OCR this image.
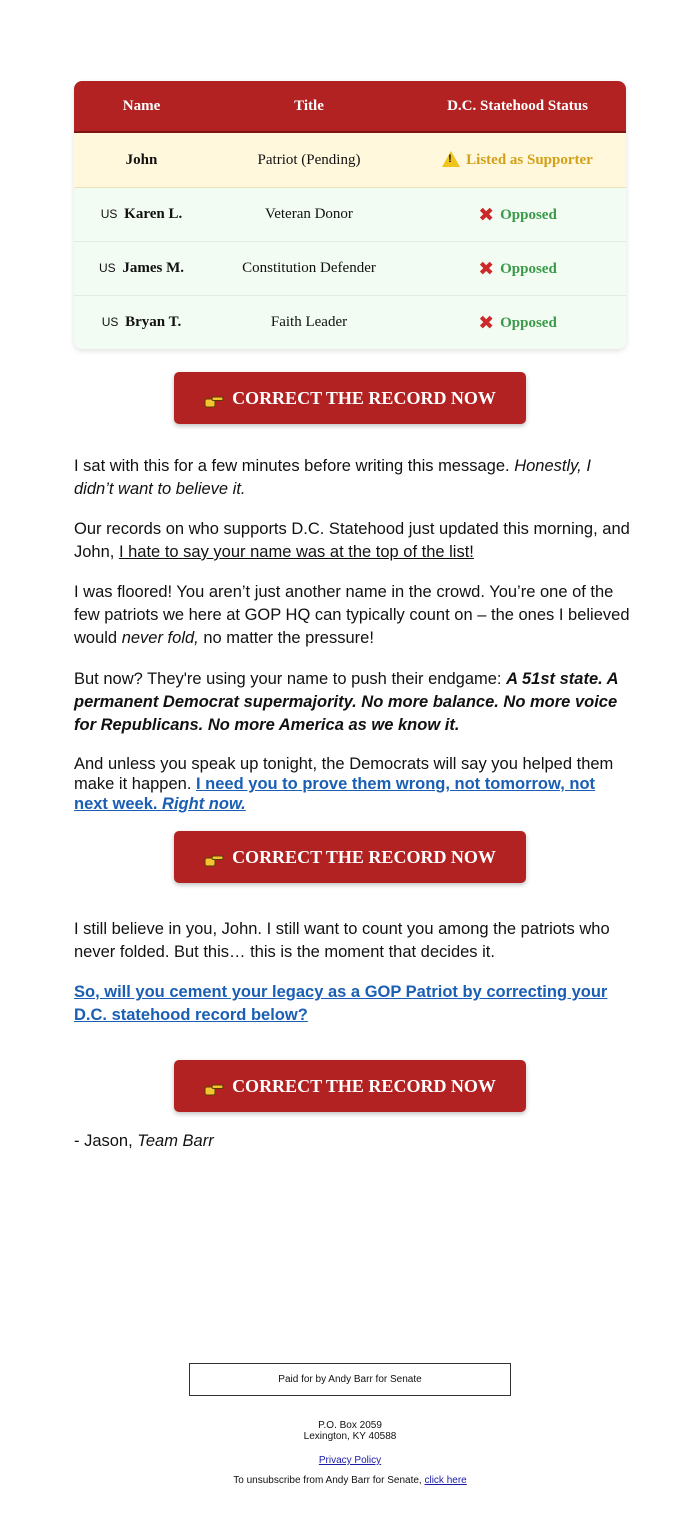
Name	Title	D.C. Statehood Status
John	Patriot (Pending)
!	Listed as Supporter
US Karen L.	Veteran Donor	✖ Opposed
US James M.	Constitution Defender	✖ Opposed
US Bryan T.	Faith Leader	✖ Opposed
CORRECT THE RECORD NOW

I sat with this for a few minutes before writing this message. Honestly, I didn’t want to believe it.

Our records on who supports D.C. Statehood just updated this morning, and John, I hate to say your name was at the top of the list!

I was floored! You aren’t just another name in the crowd. You’re one of the few patriots we here at GOP HQ can typically count on – the ones I believed would never fold, no matter the pressure!

But now? They're using your name to push their endgame: A 51st state. A permanent Democrat supermajority. No more balance. No more voice for Republicans. No more America as we know it.

And unless you speak up tonight, the Democrats will say you helped them make it happen. I need you to prove them wrong, not tomorrow, not next week. Right now.

CORRECT THE RECORD NOW

I still believe in you, John. I still want to count you among the patriots who never folded. But this… this is the moment that decides it.

So, will you cement your legacy as a GOP Patriot by correcting your D.C. statehood record below?

CORRECT THE RECORD NOW

- Jason, Team Barr

Paid for by Andy Barr for Senate
P.O. Box 2059
Lexington, KY 40588
Privacy Policy
To unsubscribe from Andy Barr for Senate, click here
